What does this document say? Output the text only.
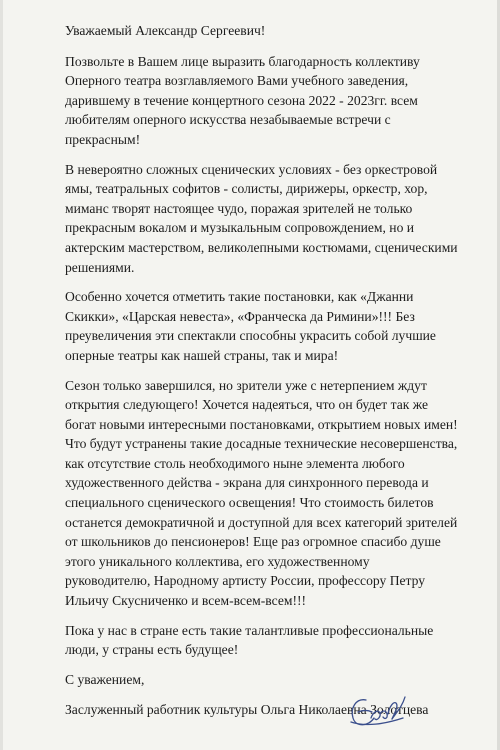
Уважаемый Александр Сергеевич!
Позвольте в Вашем лице выразить благодарность коллективу
Оперного театра возглавляемого Вами учебного заведения,
дарившему в течение концертного сезона 2022 - 2023гг. всем
любителям оперного искусства незабываемые встречи с
прекрасным!
В невероятно сложных сценических условиях - без оркестровой
ямы, театральных софитов - солисты, дирижеры, оркестр, хор,
миманс творят настоящее чудо, поражая зрителей не только
прекрасным вокалом и музыкальным сопровождением, но и
актерским мастерством, великолепными костюмами, сценическими
решениями.
Особенно хочется отметить такие постановки, как «Джанни
Скикки», «Царская невеста», «Франческа да Римини»!!! Без
преувеличения эти спектакли способны украсить собой лучшие
оперные театры как нашей страны, так и мира!
Сезон только завершился, но зрители уже с нетерпением ждут
открытия следующего! Хочется надеяться, что он будет так же
богат новыми интересными постановками, открытием новых имен!
Что будут устранены такие досадные технические несовершенства,
как отсутствие столь необходимого ныне элемента любого
художественного действа - экрана для синхронного перевода и
специального сценического освещения! Что стоимость билетов
останется демократичной и доступной для всех категорий зрителей
от школьников до пенсионеров! Еще раз огромное спасибо душе
этого уникального коллектива, его художественному
руководителю, Народному артисту России, профессору Петру
Ильичу Скусниченко и всем-всем-всем!!!
Пока у нас в стране есть такие талантливые профессиональные
люди, у страны есть будущее!
С уважением,
Заслуженный работник культуры Ольга Николаевна Золотцева
